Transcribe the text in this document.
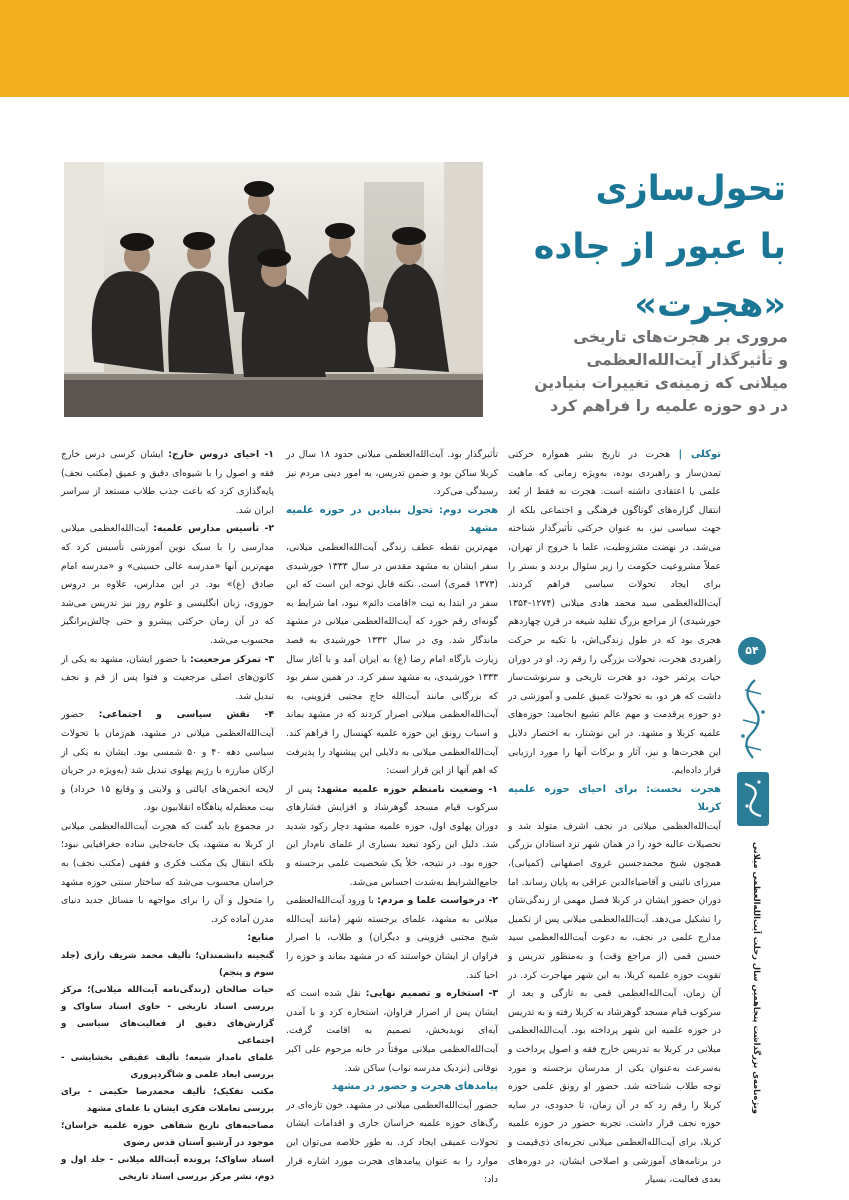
تحول‌سازی
با عبور از جاده
«هجرت»
مروری بر هجرت‌های تاریخی
و تأثیرگذار آیت‌الله‌العظمی
میلانی که زمینه‌ی تغییرات بنیادین
در دو حوزه علمیه را فراهم کرد

توکلی | هجرت در تاریخ بشر همواره حرکتی تمدن‌ساز و راهبردی بوده، به‌ویژه زمانی که ماهیت علمی یا اعتقادی داشته است. هجرت نه فقط از بُعد انتقال گزاره‌های گوناگون فرهنگی و اجتماعی بلکه از جهت سیاسی نیز، به عنوان حرکتی تأثیرگذار شناخته می‌شد. در نهضت مشروطیت، علما با خروج از تهران، عملاً مشروعیت حکومت را زیر سئوال بردند و بستر را برای ایجاد تحولات سیاسی فراهم کردند. آیت‌الله‌العظمی سید محمد هادی میلانی (۱۲۷۴-۱۳۵۴ خورشیدی) از مراجع بزرگ تقلید شیعه در قرن چهاردهم هجری بود که در طول زندگی‌اش، با تکیه بر حرکت راهبردی هجرت، تحولات بزرگی را رقم زد. او در دوران حیات پرثمر خود، دو هجرت تاریخی و سرنوشت‌ساز داشت که هر دو، به تحولات عمیق علمی و آموزشی در دو حوزه پرقدمت و مهم عالم تشیع انجامید: حوزه‌های علمیه کربلا و مشهد. در این نوشتار، به اختصار دلایل این هجرت‌ها و نیز، آثار و برکات آنها را مورد ارزیابی قرار داده‌ایم.

هجرت نخست: برای احیای حوزه علمیه کربلا

آیت‌الله‌العظمی میلانی در نجف اشرف متولد شد و تحصیلات عالیه خود را در همان شهر نزد استادان بزرگی همچون شیخ محمدحسین غروی اصفهانی (کمپانی)، میرزای نائینی و آقاضیاءالدین عراقی به پایان رساند. اما دوران حضور ایشان در کربلا فصل مهمی از زندگی‌شان را تشکیل می‌دهد. آیت‌الله‌العظمی میلانی پس از تکمیل مدارج علمی در نجف، به دعوت آیت‌الله‌العظمی سید حسین قمی (از مراجع وقت) و به‌منظور تدریس و تقویت حوزه علمیه کربلا، به این شهر مهاجرت کرد. در آن زمان، آیت‌الله‌العظمی قمی به تازگی و بعد از سرکوب قیام مسجد گوهرشاد به کربلا رفته و به تدریس در حوزه علمیه این شهر پرداخته بود. آیت‌الله‌العظمی میلانی در کربلا به تدریس خارج فقه و اصول پرداخت و به‌سرعت به‌عنوان یکی از مدرسان برجسته و مورد توجه طلاب شناخته شد. حضور او رونق علمی حوزه کربلا را رقم زد که در آن زمان، تا حدودی، در سایه حوزه نجف قرار داشت. تجربه حضور در حوزه علمیه کربلا، برای آیت‌الله‌العظمی میلانی تجربه‌ای ذی‌قیمت و در برنامه‌های آموزشی و اصلاحی ایشان، در دوره‌های بعدی فعالیت، بسیار

تأثیرگذار بود. آیت‌الله‌العظمی میلانی حدود ۱۸ سال در کربلا ساکن بود و ضمن تدریس، به امور دینی مردم نیز رسیدگی می‌کرد.

هجرت دوم: تحول بنیادین در حوزه علمیه مشهد

مهم‌ترین نقطه عطف زندگی آیت‌الله‌العظمی میلانی، سفر ایشان به مشهد مقدس در سال ۱۳۳۳ خورشیدی (۱۳۷۳ قمری) است. نکته قابل توجه این است که این سفر در ابتدا به نیت «اقامت دائم» نبود، اما شرایط به گونه‌ای رقم خورد که آیت‌الله‌العظمی میلانی در مشهد ماندگار شد. وی در سال ۱۳۳۲ خورشیدی به قصد زیارت بارگاه امام رضا (ع) به ایران آمد و با آغاز سال ۱۳۳۳ خورشیدی، به مشهد سفر کرد. در همین سفر بود که بزرگانی مانند آیت‌الله حاج مجتبی قزوینی، به آیت‌الله‌العظمی میلانی اصرار کردند که در مشهد بماند و اسباب رونق این حوزه علمیه کهنسال را فراهم کند. آیت‌الله‌العظمی میلانی به دلایلی این پیشنهاد را پذیرفت که اهم آنها از این قرار است:

۱- وضعیت نامنظم حوزه علمیه مشهد: پس از سرکوب قیام مسجد گوهرشاد و افزایش فشارهای دوران پهلوی اول، حوزه علمیه مشهد دچار رکود شدید شد. دلیل این رکود تبعید بسیاری از علمای نام‌دار این حوزه بود. در نتیجه، خلأ یک شخصیت علمی برجسته و جامع‌الشرایط به‌شدت احساس می‌شد.

۲- درخواست علما و مردم: با ورود آیت‌الله‌العظمی میلانی به مشهد، علمای برجسته شهر (مانند آیت‌الله شیخ مجتبی قزوینی و دیگران) و طلاب، با اصرار فراوان از ایشان خواستند که در مشهد بماند و حوزه را احیا کند.

۳- استخاره و تصمیم نهایی: نقل شده است که ایشان پس از اصرار فراوان، استخاره کرد و با آمدن آیه‌ای نویدبخش، تصمیم به اقامت گرفت. آیت‌الله‌العظمی میلانی موقتاً در خانه مرحوم علی اکبر نوقانی (نزدیک مدرسه نواب) ساکن شد.

پیامدهای هجرت و حضور در مشهد

حضور آیت‌الله‌العظمی میلانی در مشهد، خون تازه‌ای در رگ‌های حوزه علمیه خراسان جاری و اقدامات ایشان تحولات عمیقی ایجاد کرد. به طور خلاصه می‌توان این موارد را به عنوان پیامدهای هجرت مورد اشاره قرار داد:

۱- احیای دروس خارج: ایشان کرسی درس خارج فقه و اصول را با شیوه‌ای دقیق و عمیق (مکتب نجف) پایه‌گذاری کرد که باعث جذب طلاب مستعد از سراسر ایران شد.

۲- تأسیس مدارس علمیه: آیت‌الله‌العظمی میلانی مدارسی را با سبک نوین آموزشی تأسیس کرد که مهم‌ترین آنها «مدرسه عالی حسینی» و «مدرسه امام صادق (ع)» بود. در این مدارس، علاوه بر دروس حوزوی، زبان انگلیسی و علوم روز نیز تدریس می‌شد که در آن زمان حرکتی پیشرو و حتی چالش‌برانگیز محسوب می‌شد.

۳- تمرکز مرجعیت: با حضور ایشان، مشهد به یکی از کانون‌های اصلی مرجعیت و فتوا پس از قم و نجف تبدیل شد.

۴- نقش سیاسی و اجتماعی: حضور آیت‌الله‌العظمی میلانی در مشهد، هم‌زمان با تحولات سیاسی دهه ۴۰ و ۵۰ شمسی بود. ایشان به یکی از ارکان مبارزه با رژیم پهلوی تبدیل شد (به‌ویژه در جریان لایحه انجمن‌های ایالتی و ولایتی و وقایع ۱۵ خرداد) و بیت معظم‌له پناهگاه انقلابیون بود.

در مجموع باید گفت که هجرت آیت‌الله‌العظمی میلانی از کربلا به مشهد، یک جابه‌جایی ساده جغرافیایی نبود؛ بلکه انتقال یک مکتب فکری و فقهی (مکتب نجف) به خراسان محسوب می‌شد که ساختار سنتی حوزه مشهد را متحول و آن را برای مواجهه با مسائل جدید دنیای مدرن آماده کرد.

منابع:

گنجینه دانشمندان؛ تألیف محمد شریف رازی (جلد سوم و پنجم)

حیات صالحان (زندگی‌نامه آیت‌الله میلانی)؛ مرکز بررسی اسناد تاریخی - حاوی اسناد ساواک و گزارش‌های دقیق از فعالیت‌های سیاسی و اجتماعی

علمای نامدار شیعه؛ تألیف عقیقی بخشایشی - بررسی ابعاد علمی و شاگردپروری

مکتب تفکیک؛ تألیف محمدرضا حکیمی - برای بررسی تعاملات فکری ایشان با علمای مشهد

مصاحبه‌های تاریخ شفاهی حوزه علمیه خراسان؛ موجود در آرشیو آستان قدس رضوی

اسناد ساواک؛ پرونده آیت‌الله میلانی - جلد اول و دوم، نشر مرکز بررسی اسناد تاریخی

۵۴
ویژه‌نامه‌ی بزرگداشت پنجاهمین سال رحلت آیت‌الله‌العظمی میلانی
